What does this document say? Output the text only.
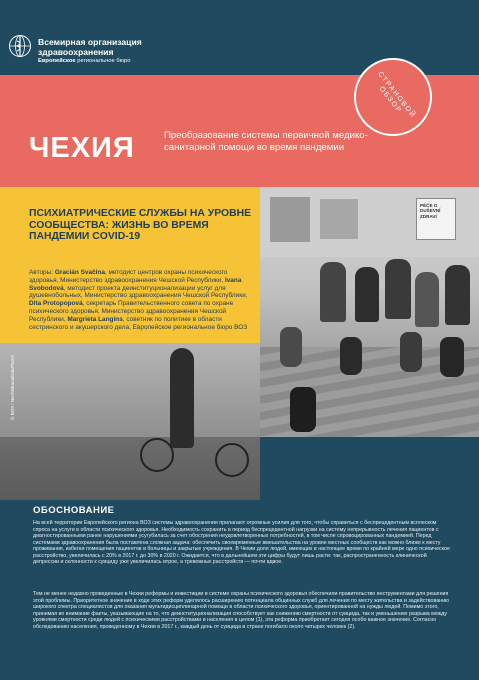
Всемирная организация
здравоохранения
Европейское региональное бюро
ЧЕХИЯ	Преобразование системы первичной медико-санитарной помощи во время пандемии
СТРАНОВОЙ ОБЗОР
ПСИХИАТРИЧЕСКИЕ СЛУЖБЫ НА УРОВНЕ СООБЩЕСТВА: ЖИЗНЬ ВО ВРЕМЯ ПАНДЕМИИ COVID-19
Авторы: Gracián Svačina, методист центров охраны психического здоровья, Министерство здравоохранения Чешской Республики, Ivana Svobodová, методист проекта деинституционализации услуг для душевнобольных, Министерство здравоохранения Чешской Республики, Dita Protopopová, секретарь Правительственного совета по охране психического здоровья, Министерство здравоохранения Чешской Республики, Margrieta Langins, советник по политике в области сестринского и акушерского дела, Европейское региональное бюро ВОЗ
PÉČE O DUŠEVNÍ ZDRAVÍ
© ВОЗ / Nechlebova/EduPharm
ОБОСНОВАНИЕ
На всей территории Европейского региона ВОЗ системы здравоохранения прилагают огромные усилия для того, чтобы справиться с беспрецедентным всплеском спроса на услуги в области психического здоровья. Необходимость сохранить в период беспрецедентной нагрузки на систему непрерывность лечения пациентов с диагностированными ранее нарушениями усугубилась за счет обострения неудовлетворенных потребностей, в том числе спровоцированных пандемией. Перед системами здравоохранения была поставлена сложная задача: обеспечить своевременные вмешательства на уровне местных сообществ как можно ближе к месту проживания, избегая помещения пациентов в больницы и закрытые учреждения. В Чехии доля людей, имеющих в настоящее время по крайней мере одно психическое расстройство, увеличилась с 20% в 2017 г. до 30% в 2020 г. Ожидается, что в дальнейшем эти цифры будут лишь расти: так, распространенность клинической депрессии и склонности к суициду уже увеличилась втрое, а тревожных расстройств — почти вдвое.
Тем не менее недавно проведенные в Чехии реформы и инвестиции в системе охраны психического здоровья обеспечили правительство инструментами для решения этой проблемы. Приоритетное значение в ходе этих реформ уделялось расширению потенциала общинных служб для лечения по месту жительства и задействованию широкого спектра специалистов для оказания мультидисциплинарной помощи в области психического здоровья, ориентированной на нужды людей. Помимо этого, принимая во внимание факты, указывающие на то, что деинституционализация способствует как снижению смертности от суицида, так и уменьшению разрыва между уровнями смертности среди людей с психическими расстройствами и населения в целом (1), эта реформа приобретает сегодня особо важное значение. Согласно обследованию населения, проведенному в Чехии в 2017 г., каждый день от суицида в стране погибало около четырех человек (2).
